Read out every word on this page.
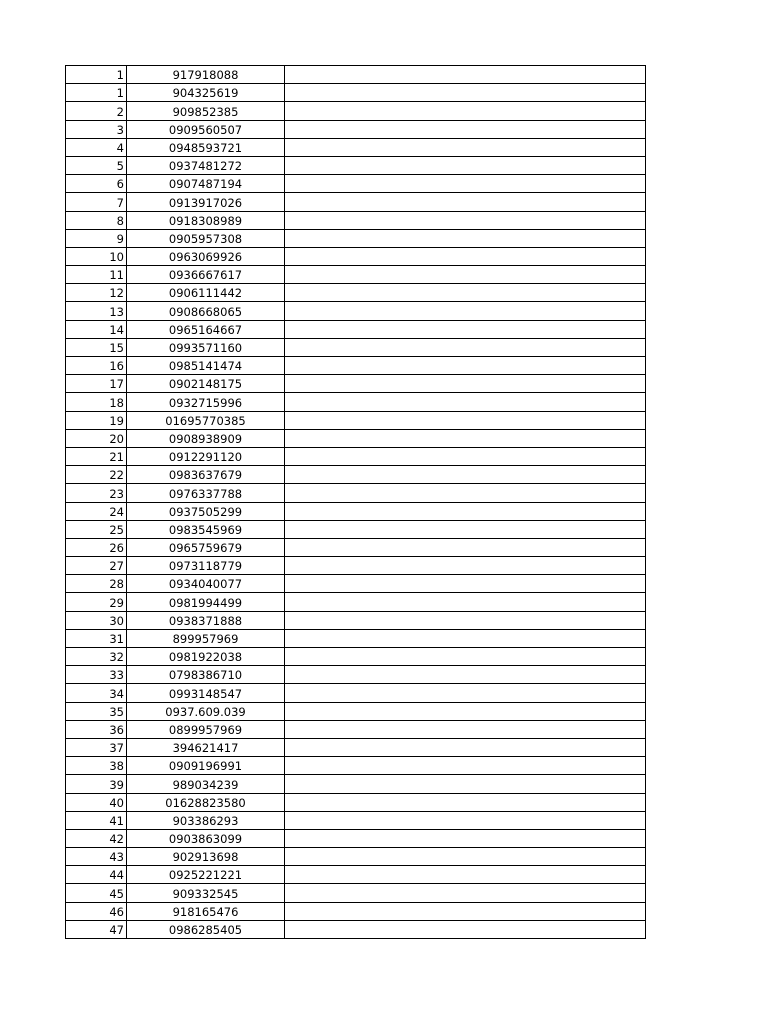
1	917918088	
1	904325619	
2	909852385	
3	0909560507	
4	0948593721	
5	0937481272	
6	0907487194	
7	0913917026	
8	0918308989	
9	0905957308	
10	0963069926	
11	0936667617	
12	0906111442	
13	0908668065	
14	0965164667	
15	0993571160	
16	0985141474	
17	0902148175	
18	0932715996	
19	01695770385	
20	0908938909	
21	0912291120	
22	0983637679	
23	0976337788	
24	0937505299	
25	0983545969	
26	0965759679	
27	0973118779	
28	0934040077	
29	0981994499	
30	0938371888	
31	899957969	
32	0981922038	
33	0798386710	
34	0993148547	
35	0937.609.039	
36	0899957969	
37	394621417	
38	0909196991	
39	989034239	
40	01628823580	
41	903386293	
42	0903863099	
43	902913698	
44	0925221221	
45	909332545	
46	918165476	
47	0986285405	
